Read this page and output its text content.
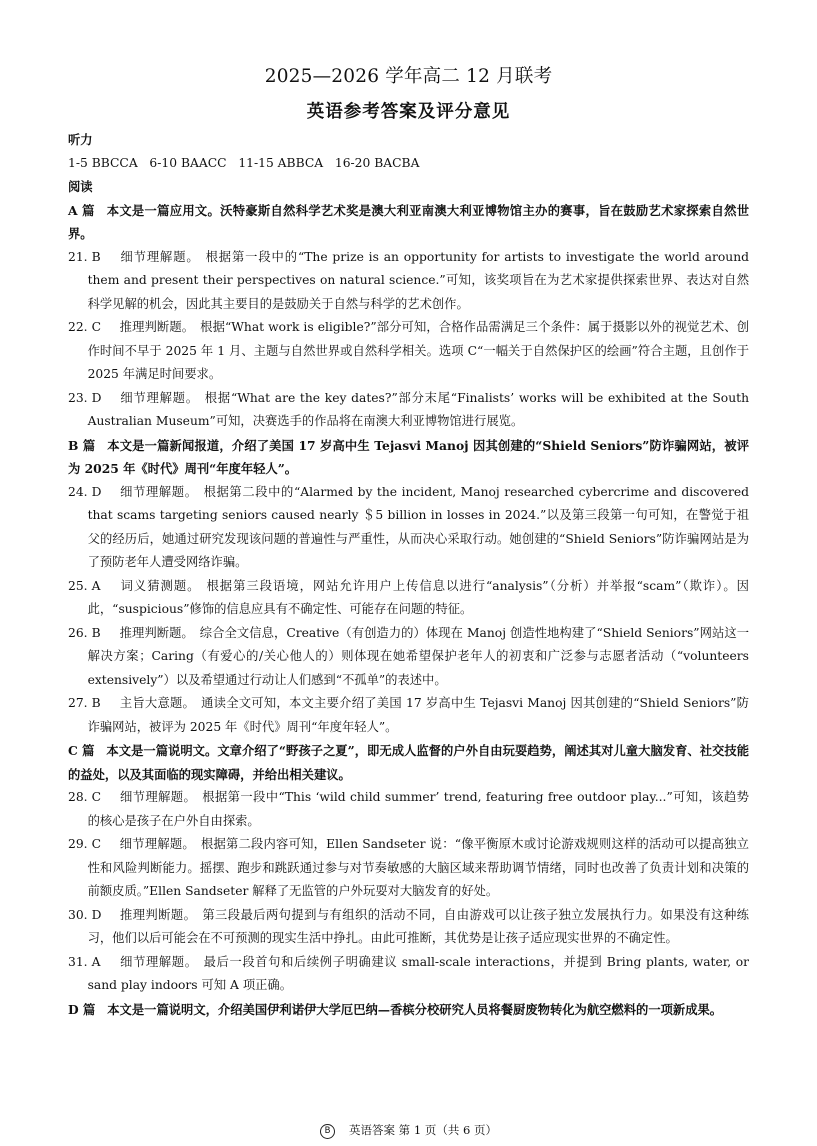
2025—2026 学年高二 12 月联考
英语参考答案及评分意见

听力

1-5 BBCCA   6-10 BAACC   11-15 ABBCA   16-20 BACBA

阅读

A 篇 本文是一篇应用文。沃特豪斯自然科学艺术奖是澳大利亚南澳大利亚博物馆主办的赛事，旨在鼓励艺术家探索自然世界。

21. B 细节理解题。 根据第一段中的“The prize is an opportunity for artists to investigate the world around them and present their perspectives on natural science.”可知，该奖项旨在为艺术家提供探索世界、表达对自然科学见解的机会，因此其主要目的是鼓励关于自然与科学的艺术创作。
22. C 推理判断题。 根据“What work is eligible?”部分可知，合格作品需满足三个条件：属于摄影以外的视觉艺术、创作时间不早于 2025 年 1 月、主题与自然世界或自然科学相关。选项 C“一幅关于自然保护区的绘画”符合主题，且创作于 2025 年满足时间要求。
23. D 细节理解题。 根据“What are the key dates?”部分末尾“Finalists’ works will be exhibited at the South Australian Museum”可知，决赛选手的作品将在南澳大利亚博物馆进行展览。

B 篇 本文是一篇新闻报道，介绍了美国 17 岁高中生 Tejasvi Manoj 因其创建的“Shield Seniors”防诈骗网站，被评为 2025 年《时代》周刊“年度年轻人”。

24. D 细节理解题。 根据第二段中的“Alarmed by the incident, Manoj researched cybercrime and discovered that scams targeting seniors caused nearly ＄5 billion in losses in 2024.”以及第三段第一句可知，在警觉于祖父的经历后，她通过研究发现该问题的普遍性与严重性，从而决心采取行动。她创建的“Shield Seniors”防诈骗网站是为了预防老年人遭受网络诈骗。
25. A 词义猜测题。 根据第三段语境，网站允许用户上传信息以进行“analysis”（分析）并举报“scam”（欺诈）。因此，“suspicious”修饰的信息应具有不确定性、可能存在问题的特征。
26. B 推理判断题。 综合全文信息，Creative（有创造力的）体现在 Manoj 创造性地构建了“Shield Seniors”网站这一解决方案；Caring（有爱心的/关心他人的）则体现在她希望保护老年人的初衷和广泛参与志愿者活动（“volunteers extensively”）以及希望通过行动让人们感到“不孤单”的表述中。
27. B 主旨大意题。 通读全文可知，本文主要介绍了美国 17 岁高中生 Tejasvi Manoj 因其创建的“Shield Seniors”防诈骗网站，被评为 2025 年《时代》周刊“年度年轻人”。

C 篇 本文是一篇说明文。文章介绍了“野孩子之夏”，即无成人监督的户外自由玩耍趋势，阐述其对儿童大脑发育、社交技能的益处，以及其面临的现实障碍，并给出相关建议。

28. C 细节理解题。 根据第一段中“This ‘wild child summer’ trend, featuring free outdoor play...”可知，该趋势的核心是孩子在户外自由探索。
29. C 细节理解题。 根据第二段内容可知，Ellen Sandseter 说：“像平衡原木或讨论游戏规则这样的活动可以提高独立性和风险判断能力。摇摆、跑步和跳跃通过参与对节奏敏感的大脑区域来帮助调节情绪，同时也改善了负责计划和决策的前额皮质。”Ellen Sandseter 解释了无监管的户外玩耍对大脑发育的好处。
30. D 推理判断题。 第三段最后两句提到与有组织的活动不同，自由游戏可以让孩子独立发展执行力。如果没有这种练习，他们以后可能会在不可预测的现实生活中挣扎。由此可推断，其优势是让孩子适应现实世界的不确定性。
31. A 细节理解题。 最后一段首句和后续例子明确建议 small-scale interactions，并提到 Bring plants, water, or sand play indoors 可知 A 项正确。

D 篇 本文是一篇说明文，介绍美国伊利诺伊大学厄巴纳—香槟分校研究人员将餐厨废物转化为航空燃料的一项新成果。

B 英语答案 第 1 页（共 6 页）
